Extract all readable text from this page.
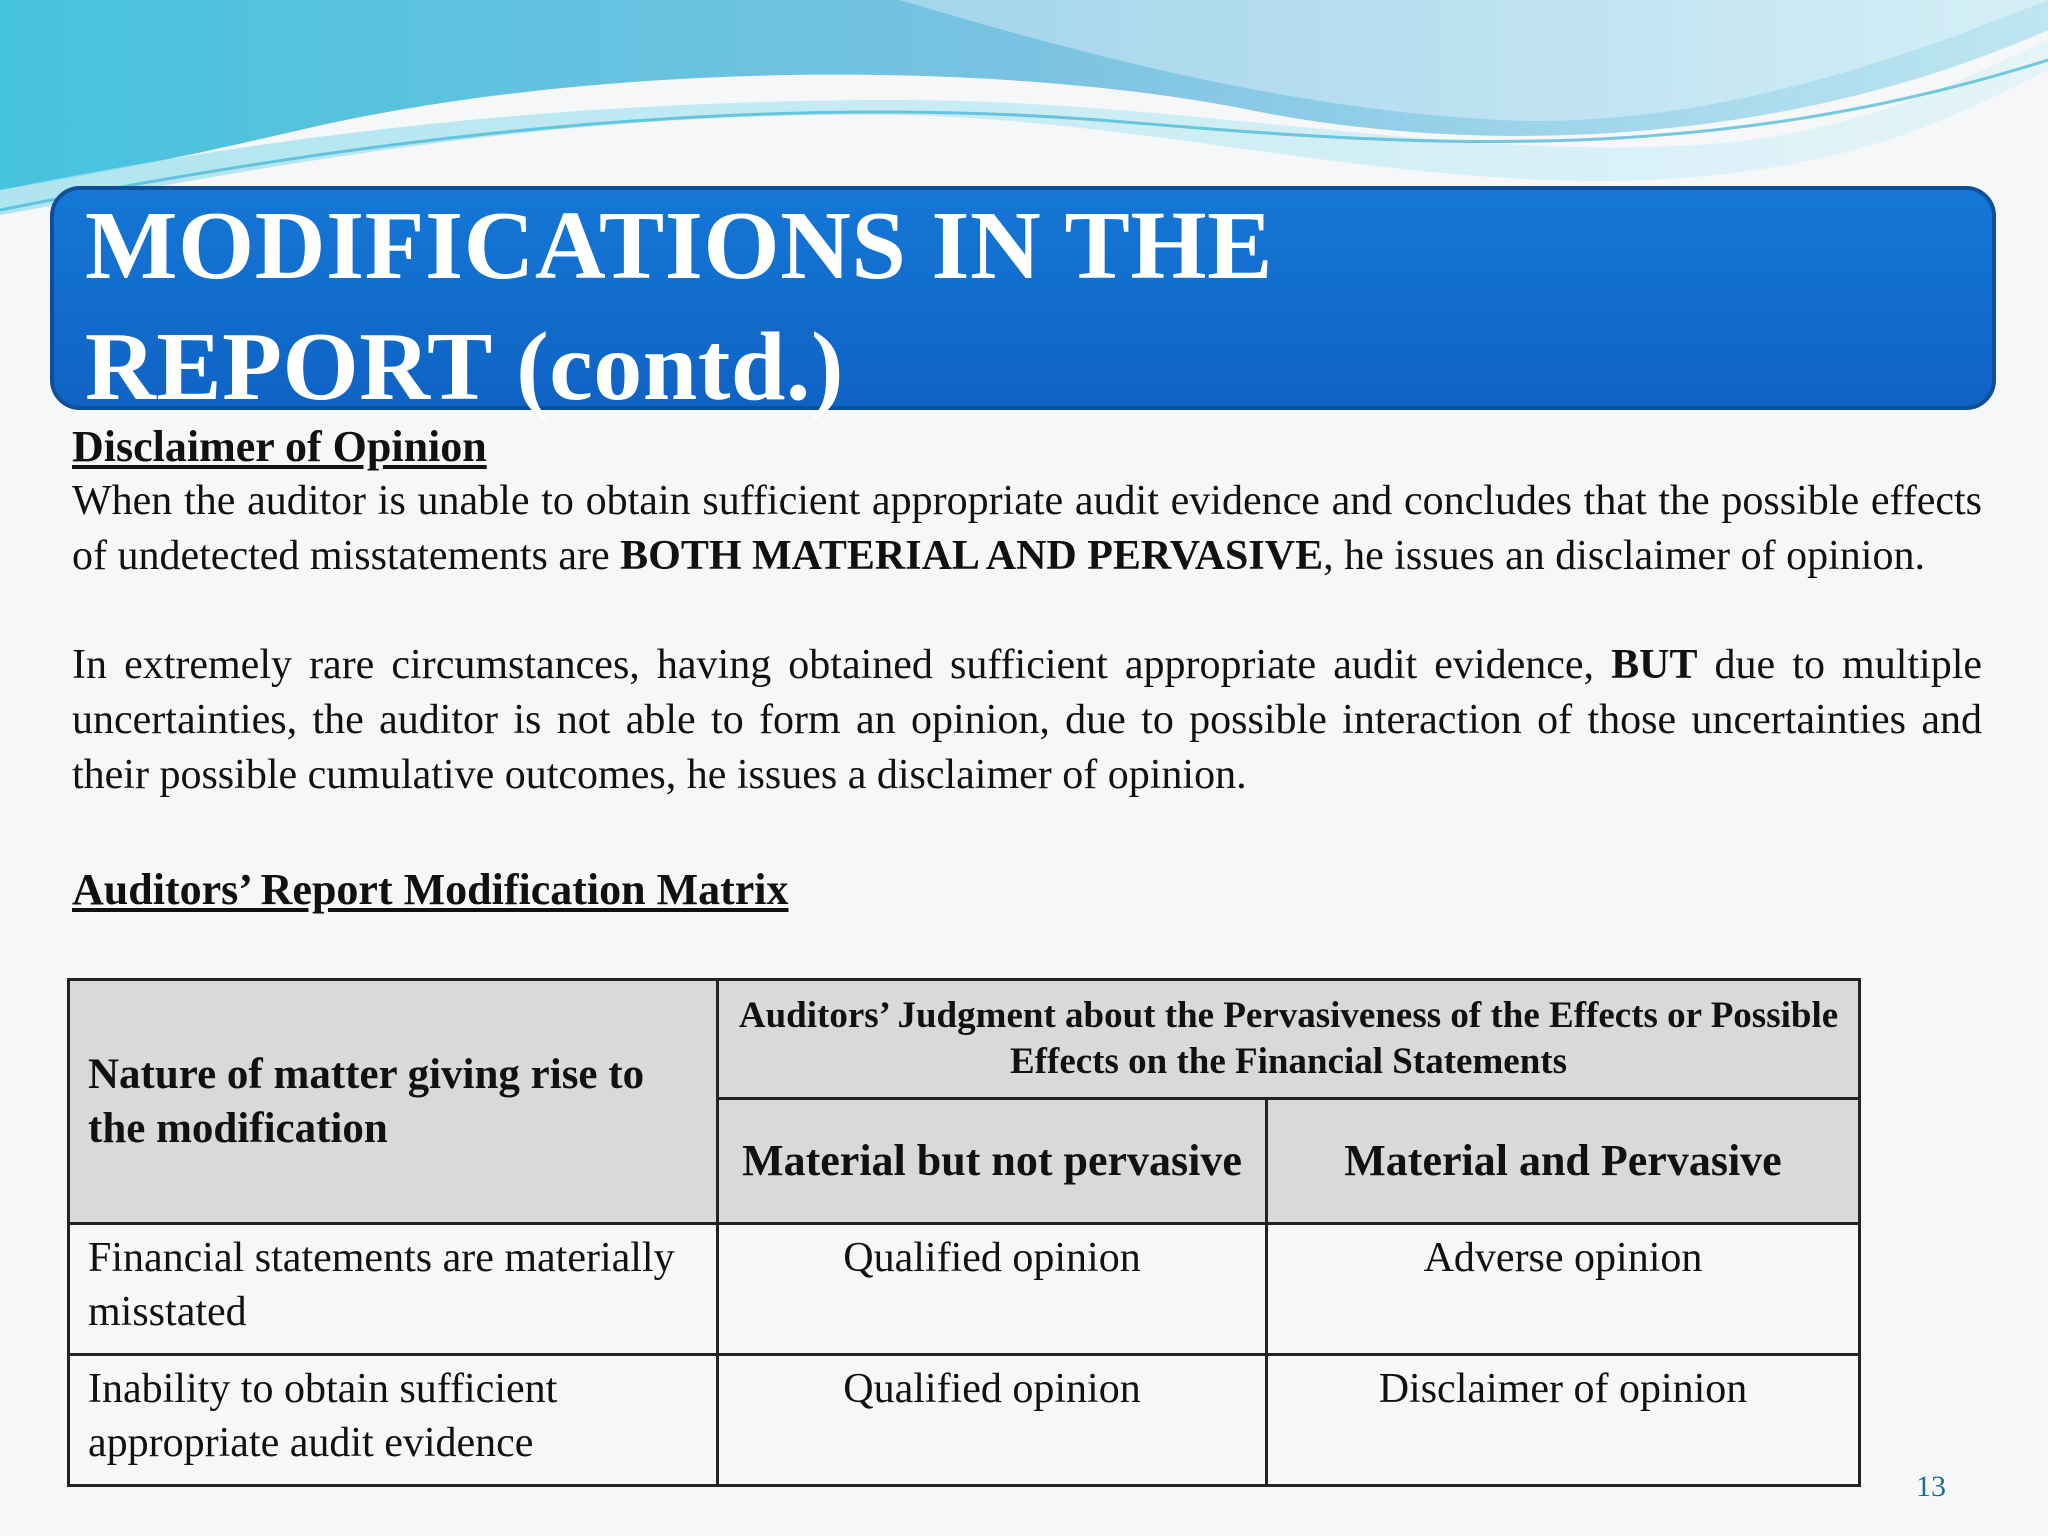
MODIFICATIONS IN THE
REPORT (contd.)

Disclaimer of Opinion

When the auditor is unable to obtain sufficient appropriate audit evidence and concludes that the possible effects of undetected misstatements are BOTH MATERIAL AND PERVASIVE, he issues an disclaimer of opinion.

In extremely rare circumstances, having obtained sufficient appropriate audit evidence, BUT due to multiple uncertainties, the auditor is not able to form an opinion, due to possible interaction of those uncertainties and their possible cumulative outcomes, he issues a disclaimer of opinion.

Auditors’ Report Modification Matrix

Nature of matter giving rise to the modification	Auditors’ Judgment about the Pervasiveness of the Effects or Possible Effects on the Financial Statements	
	Material but not pervasive	Material and Pervasive
Financial statements are materially misstated	Qualified opinion	Adverse opinion
Inability to obtain sufficient appropriate audit evidence	Qualified opinion	Disclaimer of opinion
13
